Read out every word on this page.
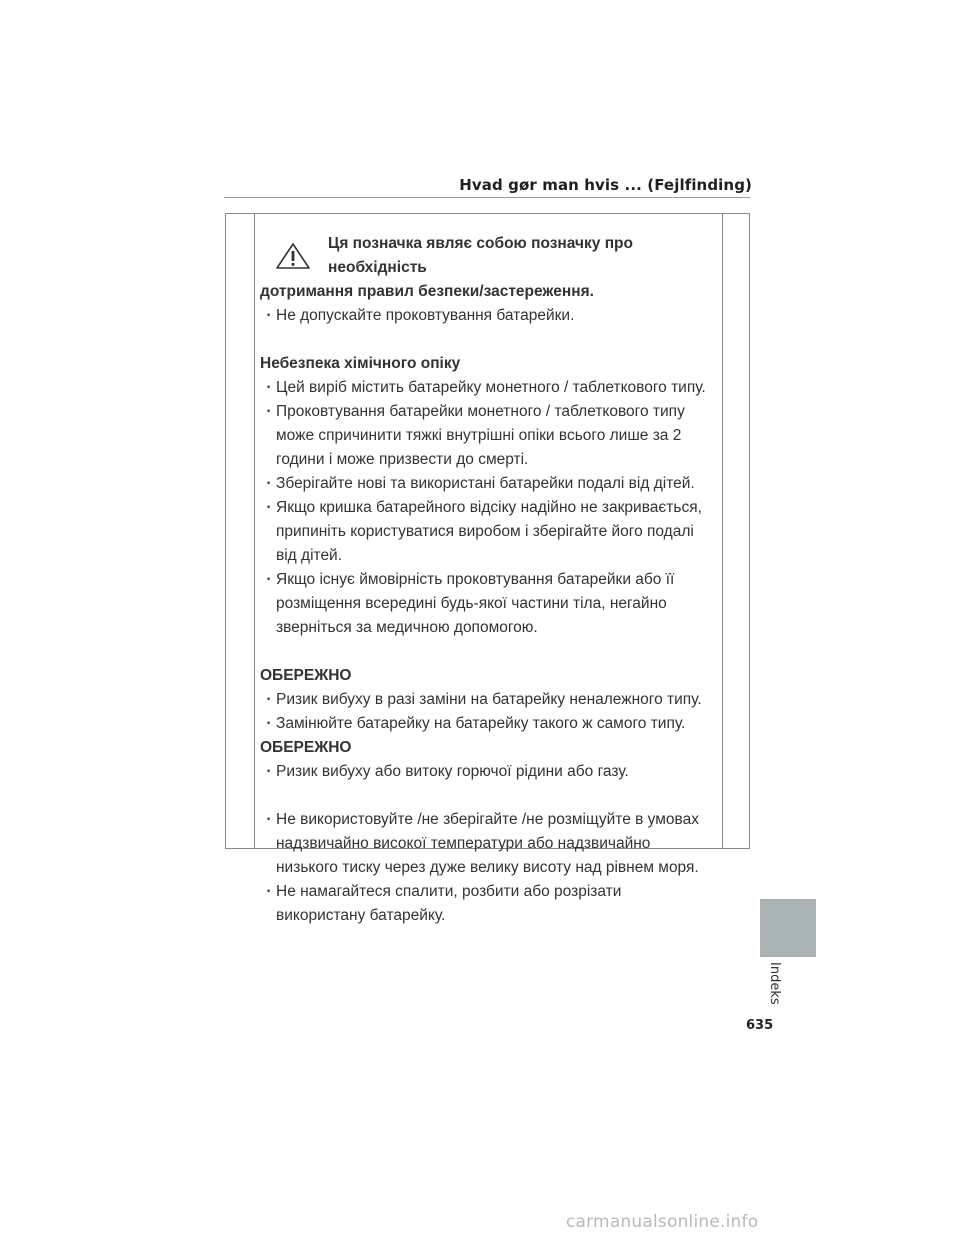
Hvad gør man hvis ... (Fejlfinding)
Ця позначка являє собою позначку про необхідність
дотримання правил безпеки/застереження.
· Не допускайте проковтування батарейки.
Небезпека хімічного опіку
· Цей виріб містить батарейку монетного / таблеткового типу.
· Проковтування батарейки монетного / таблеткового типу може спричинити тяжкі внутрішні опіки всього лише за 2 години і може призвести до смерті.
· Зберігайте нові та використані батарейки подалі від дітей.
· Якщо кришка батарейного відсіку надійно не закривається, припиніть користуватися виробом і зберігайте його подалі від дітей.
· Якщо існує ймовірність проковтування батарейки або її розміщення всередині будь-якої частини тіла, негайно зверніться за медичною допомогою.
ОБЕРЕЖНО
· Ризик вибуху в разі заміни на батарейку неналежного типу.
· Замінюйте батарейку на батарейку такого ж самого типу.
ОБЕРЕЖНО
· Ризик вибуху або витоку горючої рідини або газу.
· Не використовуйте /не зберігайте /не розміщуйте в умовах надзвичайно високої температури або надзвичайно низького тиску через дуже велику висоту над рівнем моря.
· Не намагайтеся спалити, розбити або розрізати використану батарейку.
Indeks
635
carmanualsonline.info
